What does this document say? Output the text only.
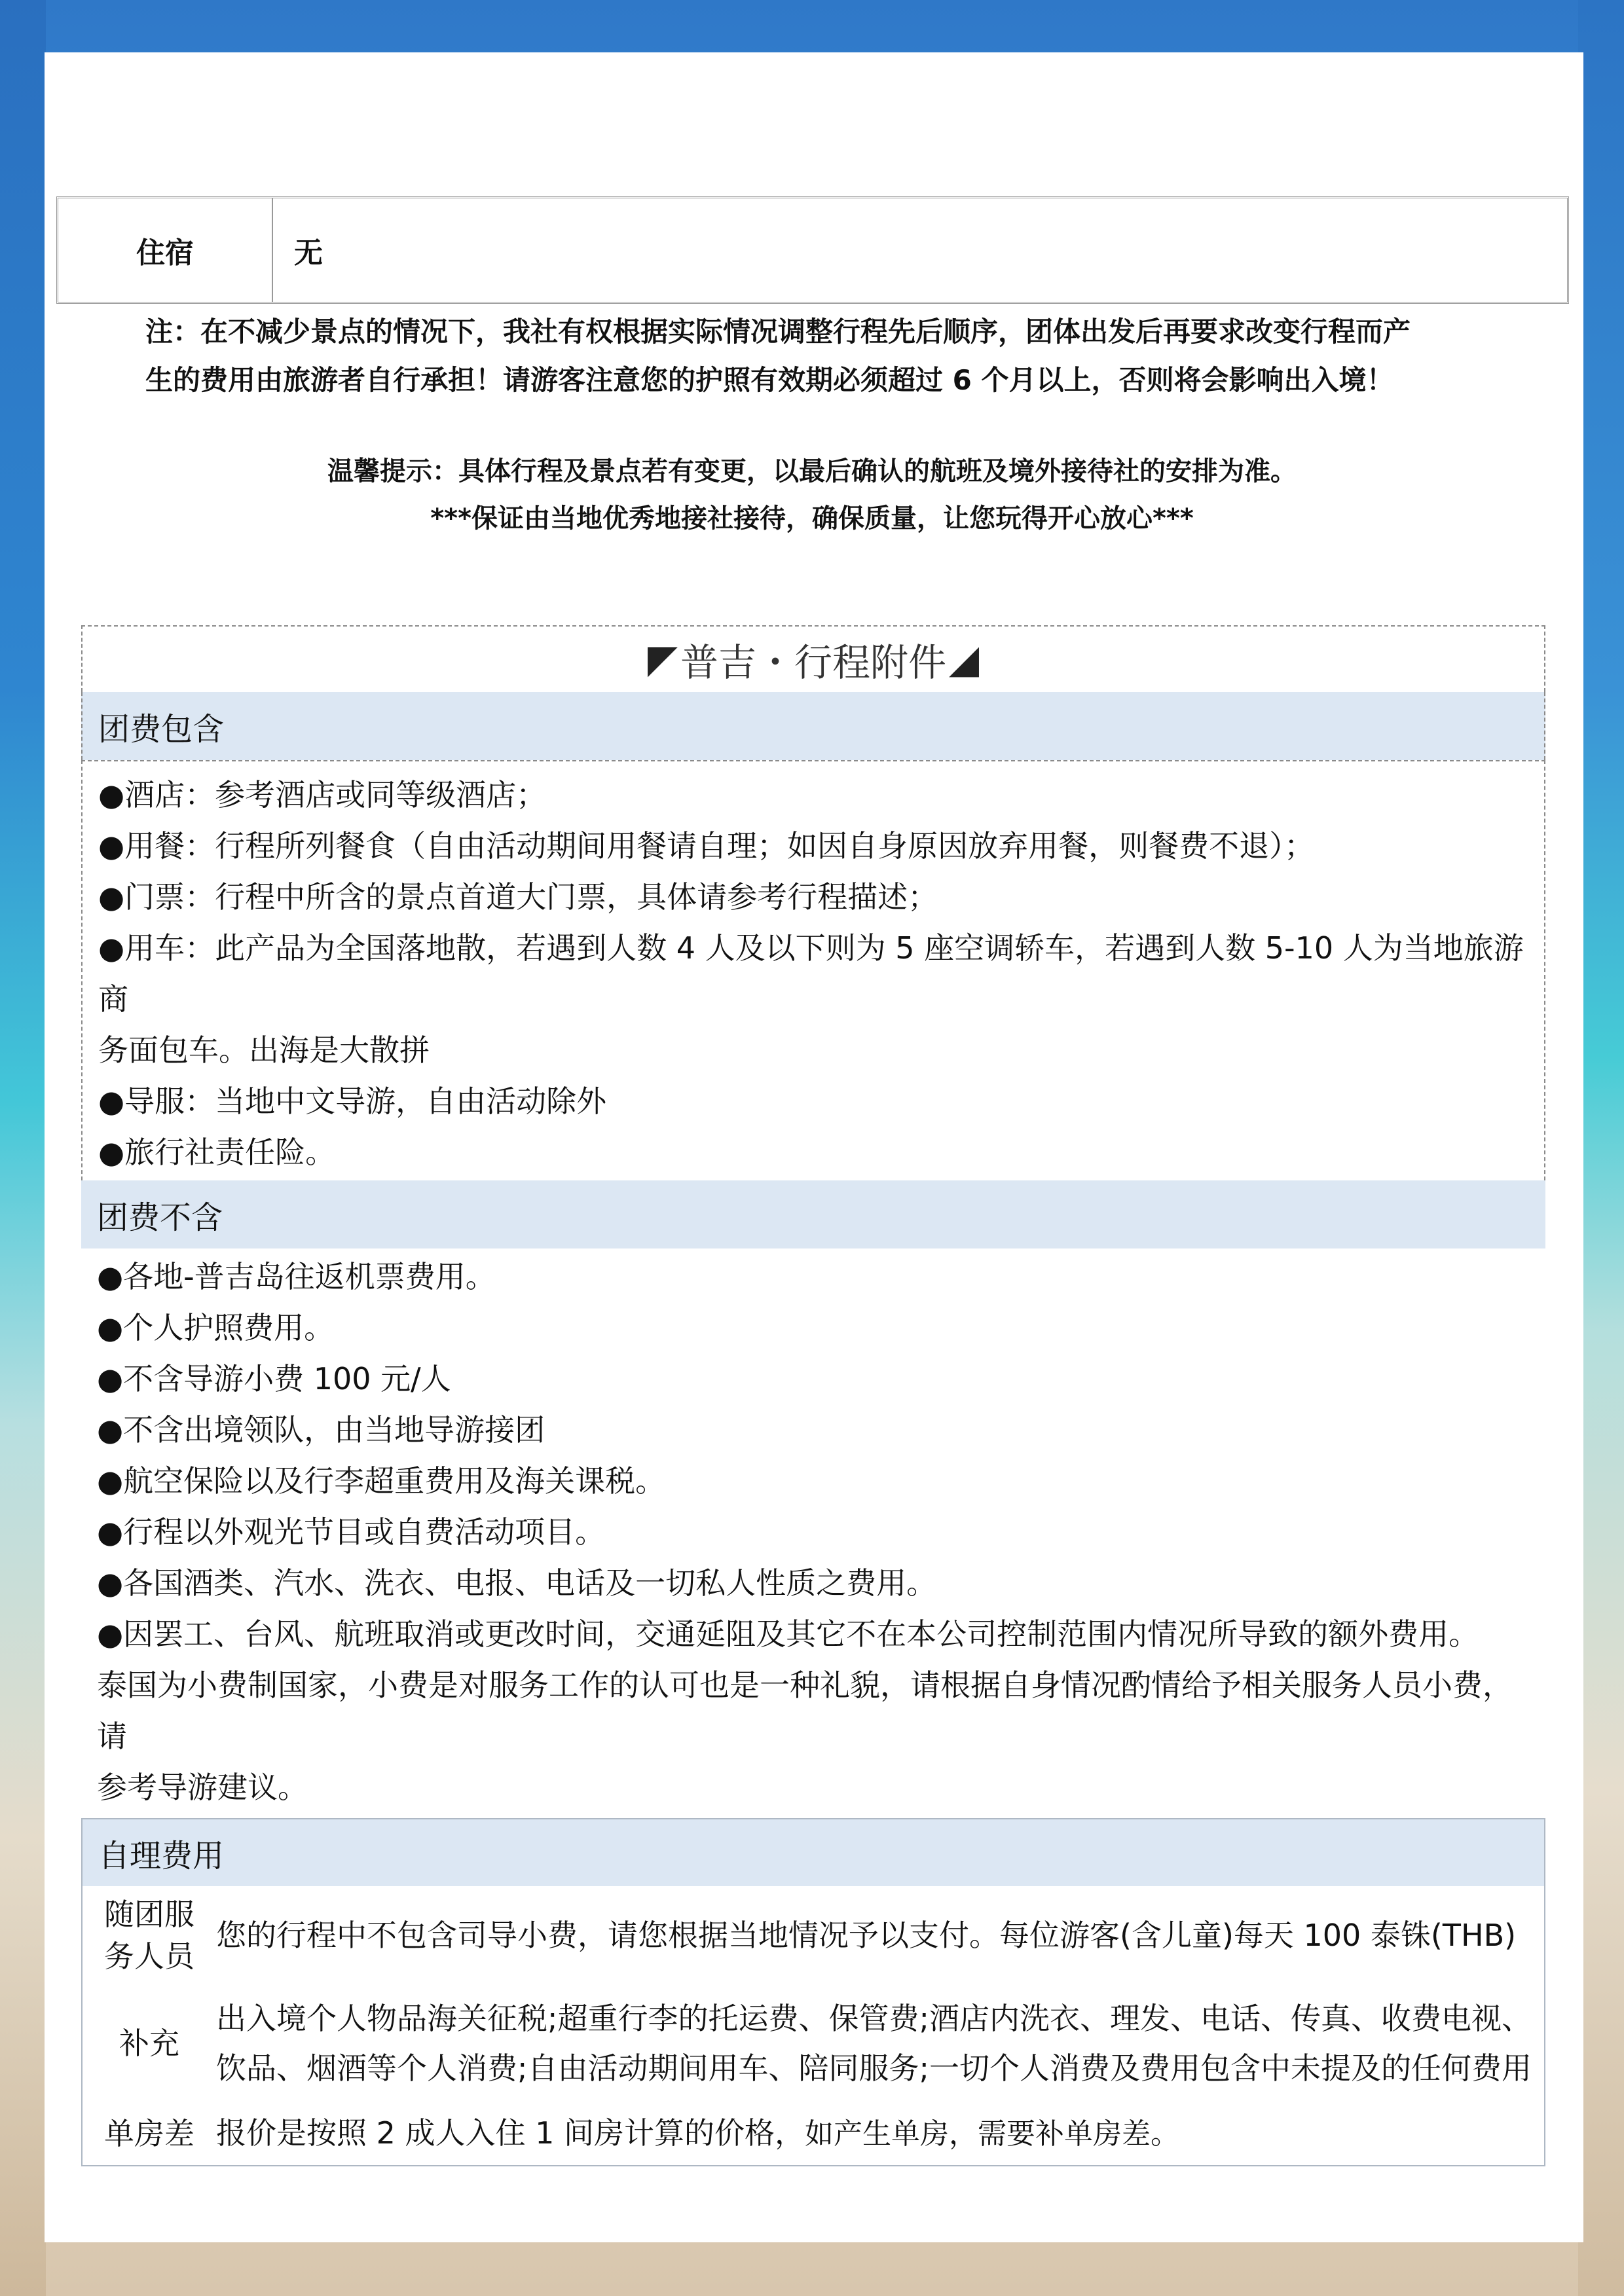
住宿	无
注：在不减少景点的情况下，我社有权根据实际情况调整行程先后顺序，团体出发后再要求改变行程而产
生的费用由旅游者自行承担！请游客注意您的护照有效期必须超过 6 个月以上，否则将会影响出入境！
温馨提示：具体行程及景点若有变更，以最后确认的航班及境外接待社的安排为准。
***保证由当地优秀地接社接待，确保质量，让您玩得开心放心***
◤ 普吉・行程附件 ◢
团费包含
●酒店：参考酒店或同等级酒店；
●用餐：行程所列餐食（自由活动期间用餐请自理；如因自身原因放弃用餐，则餐费不退）；
●门票：行程中所含的景点首道大门票，具体请参考行程描述；
●用车：此产品为全国落地散，若遇到人数 4 人及以下则为 5 座空调轿车，若遇到人数 5-10 人为当地旅游商
务面包车。出海是大散拼
●导服：当地中文导游，自由活动除外
●旅行社责任险。
团费不含
●各地-普吉岛往返机票费用。
●个人护照费用。
●不含导游小费 100 元/人
●不含出境领队，由当地导游接团
●航空保险以及行李超重费用及海关课税。
●行程以外观光节目或自费活动项目。
●各国酒类、汽水、洗衣、电报、电话及一切私人性质之费用。
●因罢工、台风、航班取消或更改时间，交通延阻及其它不在本公司控制范围内情况所导致的额外费用。
泰国为小费制国家，小费是对服务工作的认可也是一种礼貌，请根据自身情况酌情给予相关服务人员小费，请
参考导游建议。
自理费用
随团服
务人员
您的行程中不包含司导小费，请您根据当地情况予以支付。每位游客(含儿童)每天 100 泰铢(THB)
补充
出入境个人物品海关征税;超重行李的托运费、保管费;酒店内洗衣、理发、电话、传真、收费电视、
饮品、烟酒等个人消费;自由活动期间用车、陪同服务;一切个人消费及费用包含中未提及的任何费用
单房差 报价是按照 2 成人入住 1 间房计算的价格，如产生单房，需要补单房差。
